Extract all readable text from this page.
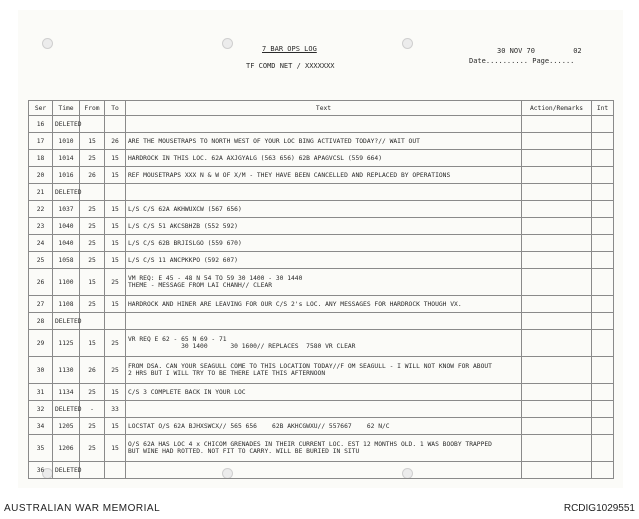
7 BAR OPS LOG
TF COMD NET / XXXXXXX
30 NOV 70	02
Date.......... Page......
Ser	Time	From	To	Text	Action/Remarks	Int
16	DELETED			

17	1010	15	26	ARE THE MOUSETRAPS TO NORTH WEST OF YOUR LOC BING ACTIVATED TODAY?// WAIT OUT		

18	1014	25	15	HARDROCK IN THIS LOC. 62A AXJGYALG (563 656) 62B APAGVCSL (559 664)		

20	1016	26	15	REF MOUSETRAPS XXX N & W OF X/M - THEY HAVE BEEN CANCELLED AND REPLACED BY OPERATIONS		

21	DELETED			

22	1037	25	15	L/S C/S 62A AKHWUXCW (567 656)		

23	1040	25	15	L/S C/S 51 AKCSBHZB (552 592)		

24	1040	25	15	L/S C/S 62B BRJISLGO (559 670)		

25	1058	25	15	L/S C/S 11 ANCPKKPO (592 607)		

26	1100	15	25	VM REQ: E 45 - 48 N 54 TO 59 30 1400 - 30 1440
THEME - MESSAGE FROM LAI CHANH// CLEAR		

27	1108	25	15	HARDROCK AND HINER ARE LEAVING FOR OUR C/S 2's LOC. ANY MESSAGES FOR HARDROCK THOUGH VX.		

28	DELETED			

29	1125	15	25	VR REQ E 62 - 65 N 69 - 71
30 1400      30 1600// REPLACES  7580 VR CLEAR		

30	1130	26	25	FROM DSA. CAN YOUR SEAGULL COME TO THIS LOCATION TODAY//F OM SEAGULL - I WILL NOT KNOW FOR ABOUT
2 HRS BUT I WILL TRY TO BE THERE LATE THIS AFTERNOON		

31	1134	25	15	C/S 3 COMPLETE BACK IN YOUR LOC		

32	DELETED	-	33	

34	1205	25	15	LOCSTAT O/S 62A BJHXSWCX// 565 656    62B AKHCGWXU// 557667    62 N/C		

35	1206	25	15	O/S 62A HAS LOC 4 x CHICOM GRENADES IN THEIR CURRENT LOC. EST 12 MONTHS OLD. 1 WAS BOOBY TRAPPED
BUT WINE HAD ROTTED. NOT FIT TO CARRY. WILL BE BURIED IN SITU		

36	DELETED			

AUSTRALIAN WAR MEMORIAL	RCDIG1029551
